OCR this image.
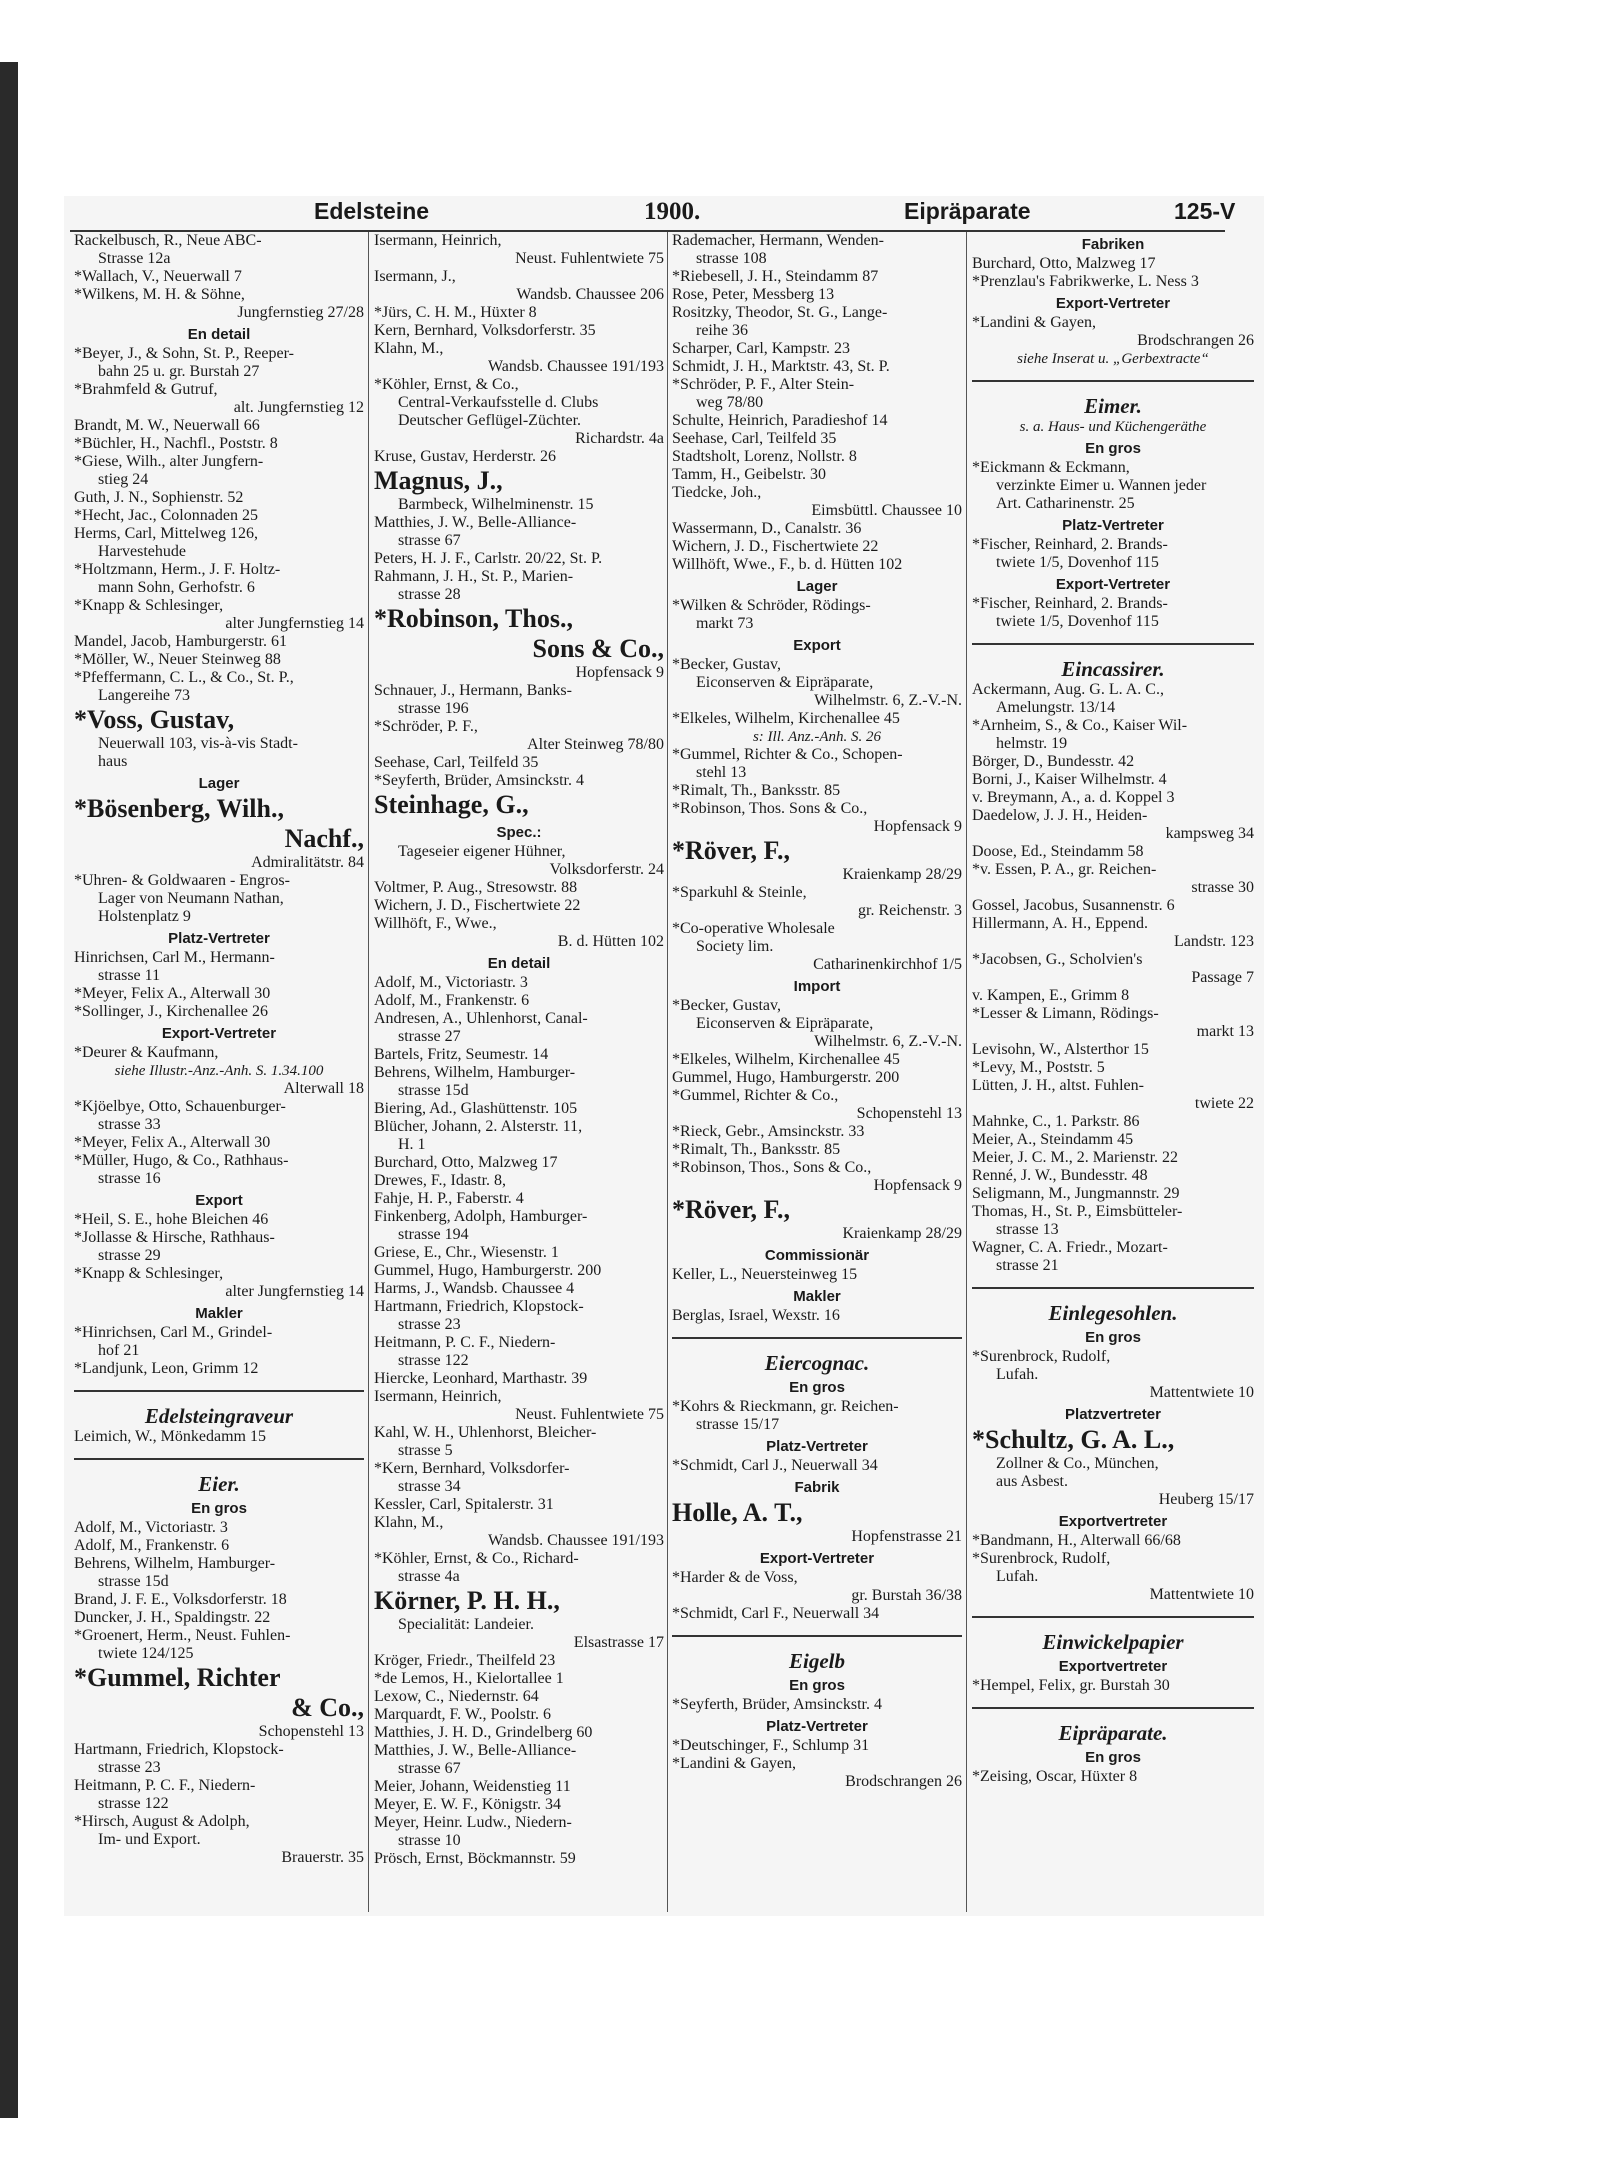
Edelsteine	1900.	Eipräparate	125-V
Rackelbusch, R., Neue ABC-
Strasse 12a
*Wallach, V., Neuerwall 7
*Wilkens, M. H. & Söhne,
Jungfernstieg 27/28
En detail
*Beyer, J., & Sohn, St. P., Reeper-
bahn 25 u. gr. Burstah 27
*Brahmfeld & Gutruf,
alt. Jungfernstieg 12
Brandt, M. W., Neuerwall 66
*Büchler, H., Nachfl., Poststr. 8
*Giese, Wilh., alter Jungfern-
stieg 24
Guth, J. N., Sophienstr. 52
*Hecht, Jac., Colonnaden 25
Herms, Carl, Mittelweg 126,
Harvestehude
*Holtzmann, Herm., J. F. Holtz-
mann Sohn, Gerhofstr. 6
*Knapp & Schlesinger,
alter Jungfernstieg 14
Mandel, Jacob, Hamburgerstr. 61
*Möller, W., Neuer Steinweg 88
*Pfeffermann, C. L., & Co., St. P.,
Langereihe 73
*Voss, Gustav,
Neuerwall 103, vis-à-vis Stadt-
haus
Lager
*Bösenberg, Wilh.,
Nachf.,
Admiralitätstr. 84
*Uhren- & Goldwaaren - Engros-
Lager von Neumann Nathan,
Holstenplatz 9
Platz-Vertreter
Hinrichsen, Carl M., Hermann-
strasse 11
*Meyer, Felix A., Alterwall 30
*Sollinger, J., Kirchenallee 26
Export-Vertreter
*Deurer & Kaufmann,
siehe Illustr.-Anz.-Anh. S. 1.34.100
Alterwall 18
*Kjöelbye, Otto, Schauenburger-
strasse 33
*Meyer, Felix A., Alterwall 30
*Müller, Hugo, & Co., Rathhaus-
strasse 16
Export
*Heil, S. E., hohe Bleichen 46
*Jollasse & Hirsche, Rathhaus-
strasse 29
*Knapp & Schlesinger,
alter Jungfernstieg 14
Makler
*Hinrichsen, Carl M., Grindel-
hof 21
*Landjunk, Leon, Grimm 12
Edelsteingraveur
Leimich, W., Mönkedamm 15
Eier.
En gros
Adolf, M., Victoriastr. 3
Adolf, M., Frankenstr. 6
Behrens, Wilhelm, Hamburger-
strasse 15d
Brand, J. F. E., Volksdorferstr. 18
Duncker, J. H., Spaldingstr. 22
*Groenert, Herm., Neust. Fuhlen-
twiete 124/125
*Gummel, Richter
& Co.,
Schopenstehl 13
Hartmann, Friedrich, Klopstock-
strasse 23
Heitmann, P. C. F., Niedern-
strasse 122
*Hirsch, August & Adolph,
Im- und Export.
Brauerstr. 35
Isermann, Heinrich,
Neust. Fuhlentwiete 75
Isermann, J.,
Wandsb. Chaussee 206
*Jürs, C. H. M., Hüxter 8
Kern, Bernhard, Volksdorferstr. 35
Klahn, M.,
Wandsb. Chaussee 191/193
*Köhler, Ernst, & Co.,
Central-Verkaufsstelle d. Clubs
Deutscher Geflügel-Züchter.
Richardstr. 4a
Kruse, Gustav, Herderstr. 26
Magnus, J.,
Barmbeck, Wilhelminenstr. 15
Matthies, J. W., Belle-Alliance-
strasse 67
Peters, H. J. F., Carlstr. 20/22, St. P.
Rahmann, J. H., St. P., Marien-
strasse 28
*Robinson, Thos.,
Sons & Co.,
Hopfensack 9
Schnauer, J., Hermann, Banks-
strasse 196
*Schröder, P. F.,
Alter Steinweg 78/80
Seehase, Carl, Teilfeld 35
*Seyferth, Brüder, Amsinckstr. 4
Steinhage, G.,
Spec.:
Tageseier eigener Hühner,
Volksdorferstr. 24
Voltmer, P. Aug., Stresowstr. 88
Wichern, J. D., Fischertwiete 22
Willhöft, F., Wwe.,
B. d. Hütten 102
En detail
Adolf, M., Victoriastr. 3
Adolf, M., Frankenstr. 6
Andresen, A., Uhlenhorst, Canal-
strasse 27
Bartels, Fritz, Seumestr. 14
Behrens, Wilhelm, Hamburger-
strasse 15d
Biering, Ad., Glashüttenstr. 105
Blücher, Johann, 2. Alsterstr. 11,
H. 1
Burchard, Otto, Malzweg 17
Drewes, F., Idastr. 8,
Fahje, H. P., Faberstr. 4
Finkenberg, Adolph, Hamburger-
strasse 194
Griese, E., Chr., Wiesenstr. 1
Gummel, Hugo, Hamburgerstr. 200
Harms, J., Wandsb. Chaussee 4
Hartmann, Friedrich, Klopstock-
strasse 23
Heitmann, P. C. F., Niedern-
strasse 122
Hiercke, Leonhard, Marthastr. 39
Isermann, Heinrich,
Neust. Fuhlentwiete 75
Kahl, W. H., Uhlenhorst, Bleicher-
strasse 5
*Kern, Bernhard, Volksdorfer-
strasse 34
Kessler, Carl, Spitalerstr. 31
Klahn, M.,
Wandsb. Chaussee 191/193
*Köhler, Ernst, & Co., Richard-
strasse 4a
Körner, P. H. H.,
Specialität: Landeier.
Elsastrasse 17
Kröger, Friedr., Theilfeld 23
*de Lemos, H., Kielortallee 1
Lexow, C., Niedernstr. 64
Marquardt, F. W., Poolstr. 6
Matthies, J. H. D., Grindelberg 60
Matthies, J. W., Belle-Alliance-
strasse 67
Meier, Johann, Weidenstieg 11
Meyer, E. W. F., Königstr. 34
Meyer, Heinr. Ludw., Niedern-
strasse 10
Prösch, Ernst, Böckmannstr. 59
Rademacher, Hermann, Wenden-
strasse 108
*Riebesell, J. H., Steindamm 87
Rose, Peter, Messberg 13
Rositzky, Theodor, St. G., Lange-
reihe 36
Scharper, Carl, Kampstr. 23
Schmidt, J. H., Marktstr. 43, St. P.
*Schröder, P. F., Alter Stein-
weg 78/80
Schulte, Heinrich, Paradieshof 14
Seehase, Carl, Teilfeld 35
Stadtsholt, Lorenz, Nollstr. 8
Tamm, H., Geibelstr. 30
Tiedcke, Joh.,
Eimsbüttl. Chaussee 10
Wassermann, D., Canalstr. 36
Wichern, J. D., Fischertwiete 22
Willhöft, Wwe., F., b. d. Hütten 102
Lager
*Wilken & Schröder, Rödings-
markt 73
Export
*Becker, Gustav,
Eiconserven & Eipräparate,
Wilhelmstr. 6, Z.-V.-N.
*Elkeles, Wilhelm, Kirchenallee 45
s: Ill. Anz.-Anh. S. 26
*Gummel, Richter & Co., Schopen-
stehl 13
*Rimalt, Th., Banksstr. 85
*Robinson, Thos. Sons & Co.,
Hopfensack 9
*Röver, F.,
Kraienkamp 28/29
*Sparkuhl & Steinle,
gr. Reichenstr. 3
*Co-operative Wholesale
Society lim.
Catharinenkirchhof 1/5
Import
*Becker, Gustav,
Eiconserven & Eipräparate,
Wilhelmstr. 6, Z.-V.-N.
*Elkeles, Wilhelm, Kirchenallee 45
Gummel, Hugo, Hamburgerstr. 200
*Gummel, Richter & Co.,
Schopenstehl 13
*Rieck, Gebr., Amsinckstr. 33
*Rimalt, Th., Banksstr. 85
*Robinson, Thos., Sons & Co.,
Hopfensack 9
*Röver, F.,
Kraienkamp 28/29
Commissionär
Keller, L., Neuersteinweg 15
Makler
Berglas, Israel, Wexstr. 16
Eiercognac.
En gros
*Kohrs & Rieckmann, gr. Reichen-
strasse 15/17
Platz-Vertreter
*Schmidt, Carl J., Neuerwall 34
Fabrik
Holle, A. T.,
Hopfenstrasse 21
Export-Vertreter
*Harder & de Voss,
gr. Burstah 36/38
*Schmidt, Carl F., Neuerwall 34
Eigelb
En gros
*Seyferth, Brüder, Amsinckstr. 4
Platz-Vertreter
*Deutschinger, F., Schlump 31
*Landini & Gayen,
Brodschrangen 26
Fabriken
Burchard, Otto, Malzweg 17
*Prenzlau's Fabrikwerke, L. Ness 3
Export-Vertreter
*Landini & Gayen,
Brodschrangen 26
siehe Inserat u. „Gerbextracte“
Eimer.
s. a. Haus- und Küchengeräthe
En gros
*Eickmann & Eckmann,
verzinkte Eimer u. Wannen jeder
Art. Catharinenstr. 25
Platz-Vertreter
*Fischer, Reinhard, 2. Brands-
twiete 1/5, Dovenhof 115
Export-Vertreter
*Fischer, Reinhard, 2. Brands-
twiete 1/5, Dovenhof 115
Eincassirer.
Ackermann, Aug. G. L. A. C.,
Amelungstr. 13/14
*Arnheim, S., & Co., Kaiser Wil-
helmstr. 19
Börger, D., Bundesstr. 42
Borni, J., Kaiser Wilhelmstr. 4
v. Breymann, A., a. d. Koppel 3
Daedelow, J. J. H., Heiden-
kampsweg 34
Doose, Ed., Steindamm 58
*v. Essen, P. A., gr. Reichen-
strasse 30
Gossel, Jacobus, Susannenstr. 6
Hillermann, A. H., Eppend.
Landstr. 123
*Jacobsen, G., Scholvien's
Passage 7
v. Kampen, E., Grimm 8
*Lesser & Limann, Rödings-
markt 13
Levisohn, W., Alsterthor 15
*Levy, M., Poststr. 5
Lütten, J. H., altst. Fuhlen-
twiete 22
Mahnke, C., 1. Parkstr. 86
Meier, A., Steindamm 45
Meier, J. C. M., 2. Marienstr. 22
Renné, J. W., Bundesstr. 48
Seligmann, M., Jungmannstr. 29
Thomas, H., St. P., Eimsbütteler-
strasse 13
Wagner, C. A. Friedr., Mozart-
strasse 21
Einlegesohlen.
En gros
*Surenbrock, Rudolf,
Lufah.
Mattentwiete 10
Platzvertreter
*Schultz, G. A. L.,
Zollner & Co., München,
aus Asbest.
Heuberg 15/17
Exportvertreter
*Bandmann, H., Alterwall 66/68
*Surenbrock, Rudolf,
Lufah.
Mattentwiete 10
Einwickelpapier
Exportvertreter
*Hempel, Felix, gr. Burstah 30
Eipräparate.
En gros
*Zeising, Oscar, Hüxter 8
